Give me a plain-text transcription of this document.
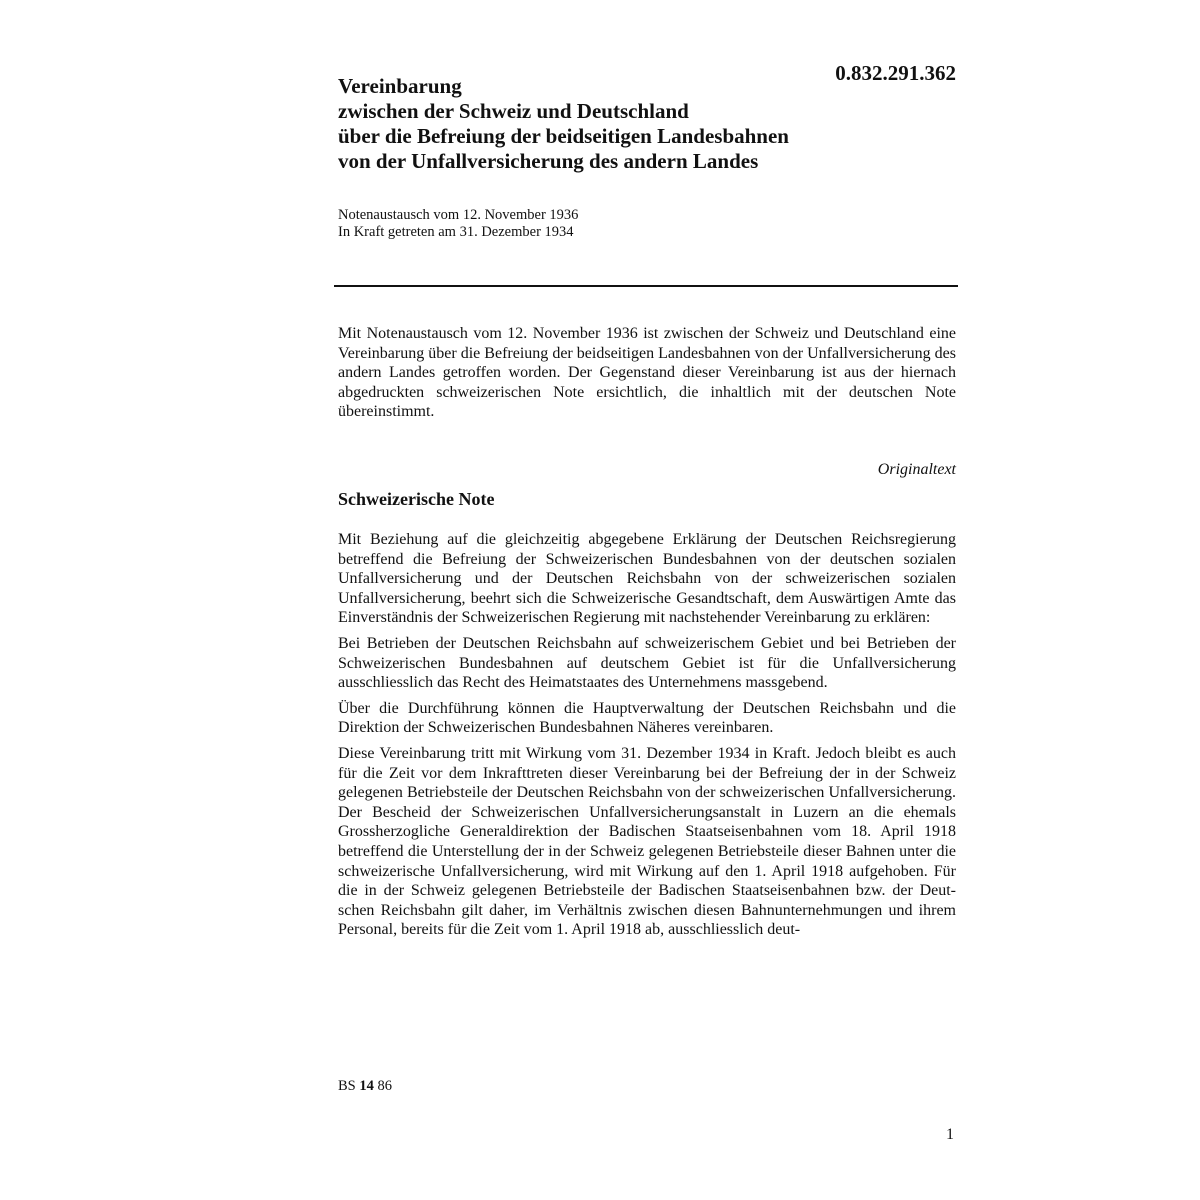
0.832.291.362
Vereinbarung
zwischen der Schweiz und Deutschland
über die Befreiung der beidseitigen Landesbahnen
von der Unfallversicherung des andern Landes
Notenaustausch vom 12. November 1936
In Kraft getreten am 31. Dezember 1934
Mit Notenaustausch vom 12. November 1936 ist zwischen der Schweiz und Deutschland eine Vereinbarung über die Befreiung der beidseitigen Landesbahnen von der Unfallversicherung des andern Landes getroffen worden. Der Gegenstand dieser Vereinbarung ist aus der hiernach abgedruckten schweizerischen Note ersichtlich, die inhaltlich mit der deutschen Note übereinstimmt.
Originaltext
Schweizerische Note

Mit Beziehung auf die gleichzeitig abgegebene Erklärung der Deutschen Reichsregierung betreffend die Befreiung der Schweizerischen Bundesbahnen von der deutschen sozialen Unfallversicherung und der Deutschen Reichsbahn von der schweizerischen sozialen Unfallversicherung, beehrt sich die Schweizerische Gesandtschaft, dem Auswärtigen Amte das Einverständnis der Schweizerischen Regierung mit nachstehender Vereinbarung zu erklären:

Bei Betrieben der Deutschen Reichsbahn auf schweizerischem Gebiet und bei Betrieben der Schweizerischen Bundesbahnen auf deutschem Gebiet ist für die Unfallversicherung ausschliesslich das Recht des Heimatstaates des Unternehmens massgebend.

Über die Durchführung können die Hauptverwaltung der Deutschen Reichsbahn und die Direktion der Schweizerischen Bundesbahnen Näheres vereinbaren.

Diese Vereinbarung tritt mit Wirkung vom 31. Dezember 1934 in Kraft. Jedoch bleibt es auch für die Zeit vor dem Inkrafttreten dieser Vereinbarung bei der Befreiung der in der Schweiz gelegenen Betriebsteile der Deutschen Reichsbahn von der schweizerischen Unfallversicherung. Der Bescheid der Schweizerischen Unfallversicherungsanstalt in Luzern an die ehemals Grossherzogliche Generaldirektion der Badischen Staatseisenbahnen vom 18. April 1918 betreffend die Unterstellung der in der Schweiz gelegenen Betriebsteile dieser Bahnen unter die schweizerische Unfallversicherung, wird mit Wirkung auf den 1. April 1918 aufgehoben. Für die in der Schweiz gelegenen Betriebsteile der Badischen Staatseisenbahnen bzw. der Deutschen Reichsbahn gilt daher, im Verhältnis zwischen diesen Bahnunternehmungen und ihrem Personal, bereits für die Zeit vom 1. April 1918 ab, ausschliesslich deut-

BS 14 86
1
